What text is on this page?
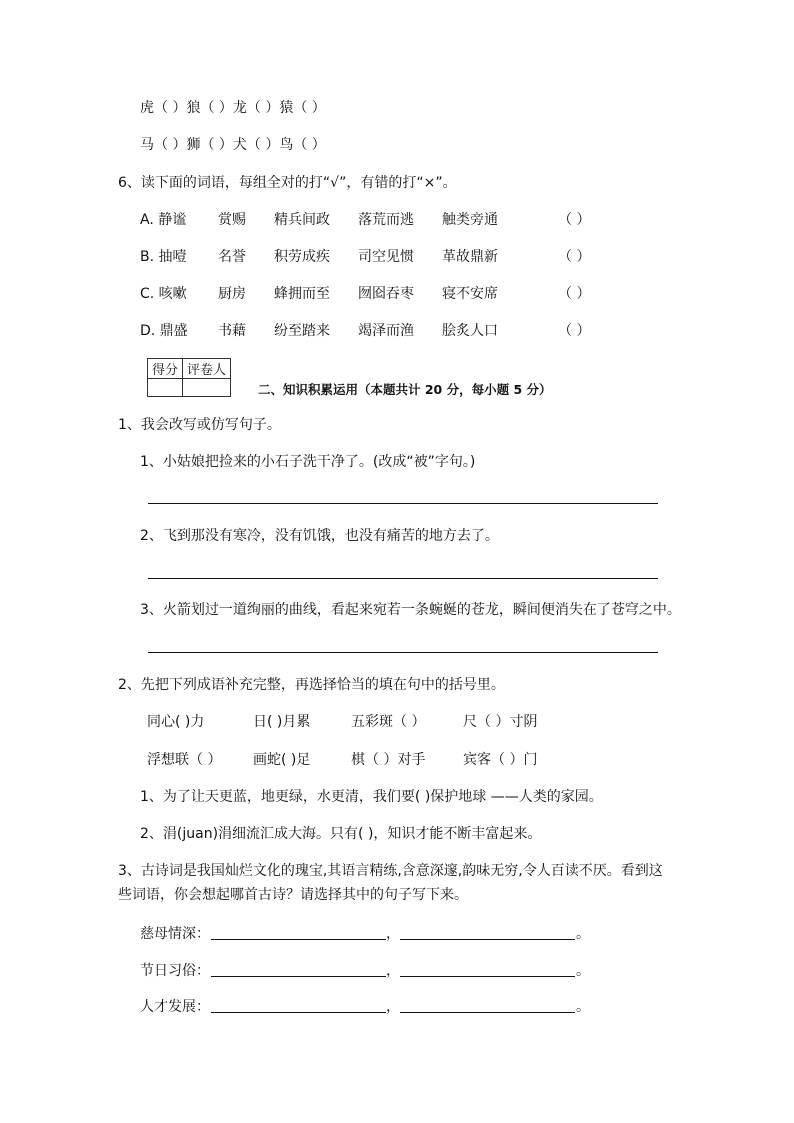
虎（ ）狼（ ）龙（ ）猿（ ）
马（ ）狮（ ）犬（ ）鸟（ ）
6、读下面的词语，每组全对的打“√”，有错的打“×”。
A. 静谧 赏赐 精兵间政 落荒而逃 触类旁通	（ ）
B. 抽噎 名誉 积劳成疾 司空见惯 革故鼎新	（ ）
C. 咳嗽 厨房 蜂拥而至 囫囵吞枣 寝不安席	（ ）
D. 鼎盛 书藉 纷至踏来 竭泽而渔 脍炙人口	（ ）
得分	评卷人

二、知识积累运用（本题共计 20 分，每小题 5 分）
1、我会改写或仿写句子。
1、小姑娘把捡来的小石子洗干净了。(改成“被”字句。)
2、飞到那没有寒冷，没有饥饿，也没有痛苦的地方去了。
3、火箭划过一道绚丽的曲线，看起来宛若一条蜿蜒的苍龙，瞬间便消失在了苍穹之中。
2、先把下列成语补充完整，再选择恰当的填在句中的括号里。
同心( )力	日( )月累	五彩斑（ ）	尺（ ）寸阴
浮想联（ ） 画蛇( )足	棋（ ）对手	宾客（ ）门
1、为了让天更蓝，地更绿，水更清，我们要( )保护地球 ——人类的家园。
2、涓(juan)涓细流汇成大海。只有( )，知识才能不断丰富起来。
3、古诗词是我国灿烂文化的瑰宝,其语言精练,含意深邃,韵味无穷,令人百读不厌。看到这
些词语，你会想起哪首古诗？请选择其中的句子写下来。
慈母情深：	，	。
节日习俗：	，	。
人才发展：	，	。
